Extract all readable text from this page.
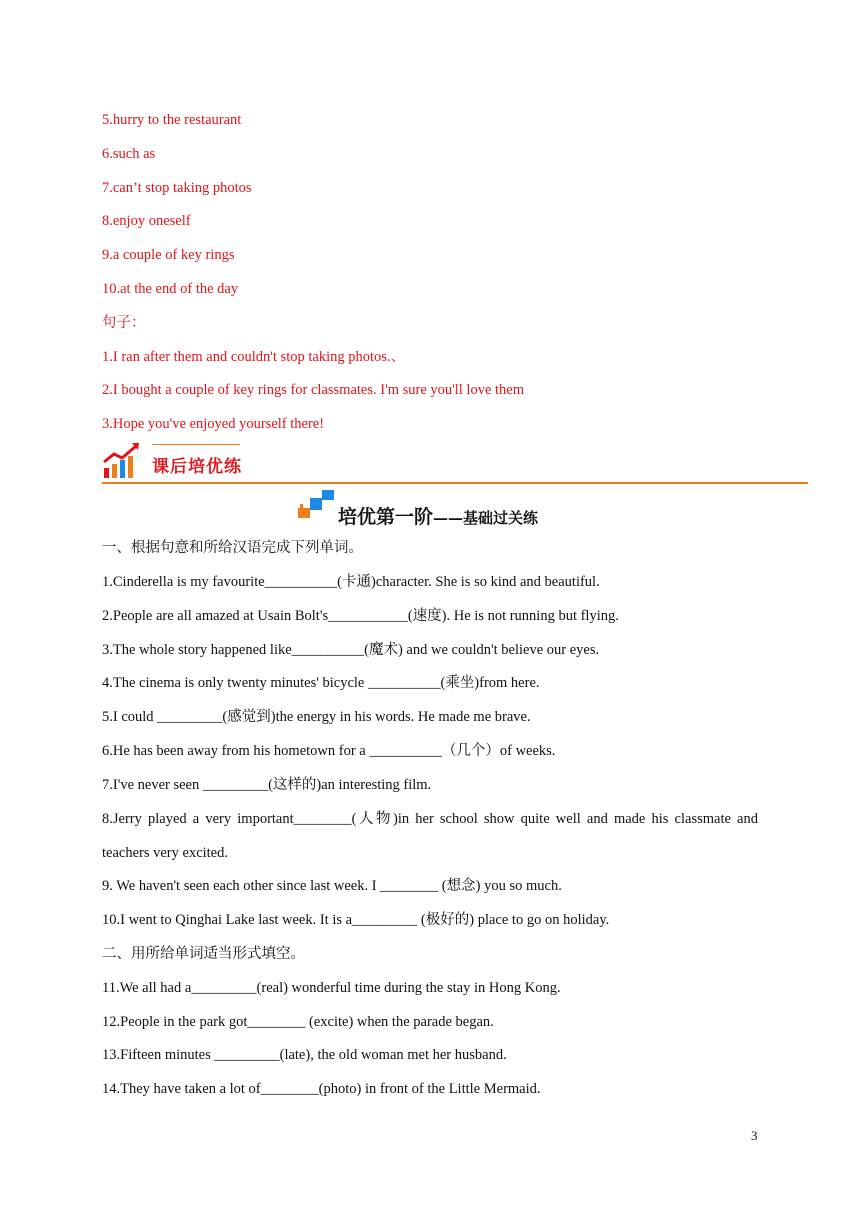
5.hurry to the restaurant
6.such as
7.can’t stop taking photos
8.enjoy oneself
9.a couple of key rings
10.at the end of the day
句子：
1.I ran after them and couldn't stop taking photos.、
2.I bought a couple of key rings for classmates. I'm sure you'll love them
3.Hope you've enjoyed yourself there!
课后培优练
培优第一阶——基础过关练
一、根据句意和所给汉语完成下列单词。
1.Cinderella is my favourite__________(卡通)character. She is so kind and beautiful.
2.People are all amazed at Usain Bolt's___________(速度). He is not running but flying.
3.The whole story happened like__________(魔术) and we couldn't believe our eyes.
4.The cinema is only twenty minutes' bicycle __________(乘坐)from here.
5.I could _________(感觉到)the energy in his words. He made me brave.
6.He has been away from his hometown for a __________（几个）of weeks.
7.I've never seen _________(这样的)an interesting film.
8.Jerry played a very important________(人物)in her school show quite well and made his classmate and
teachers very excited.
9. We haven't seen each other since last week. I ________ (想念) you so much.
10.I went to Qinghai Lake last week. It is a_________ (极好的) place to go on holiday.
二、用所给单词适当形式填空。
11.We all had a_________(real) wonderful time during the stay in Hong Kong.
12.People in the park got________ (excite) when the parade began.
13.Fifteen minutes _________(late), the old woman met her husband.
14.They have taken a lot of________(photo) in front of the Little Mermaid.
3
